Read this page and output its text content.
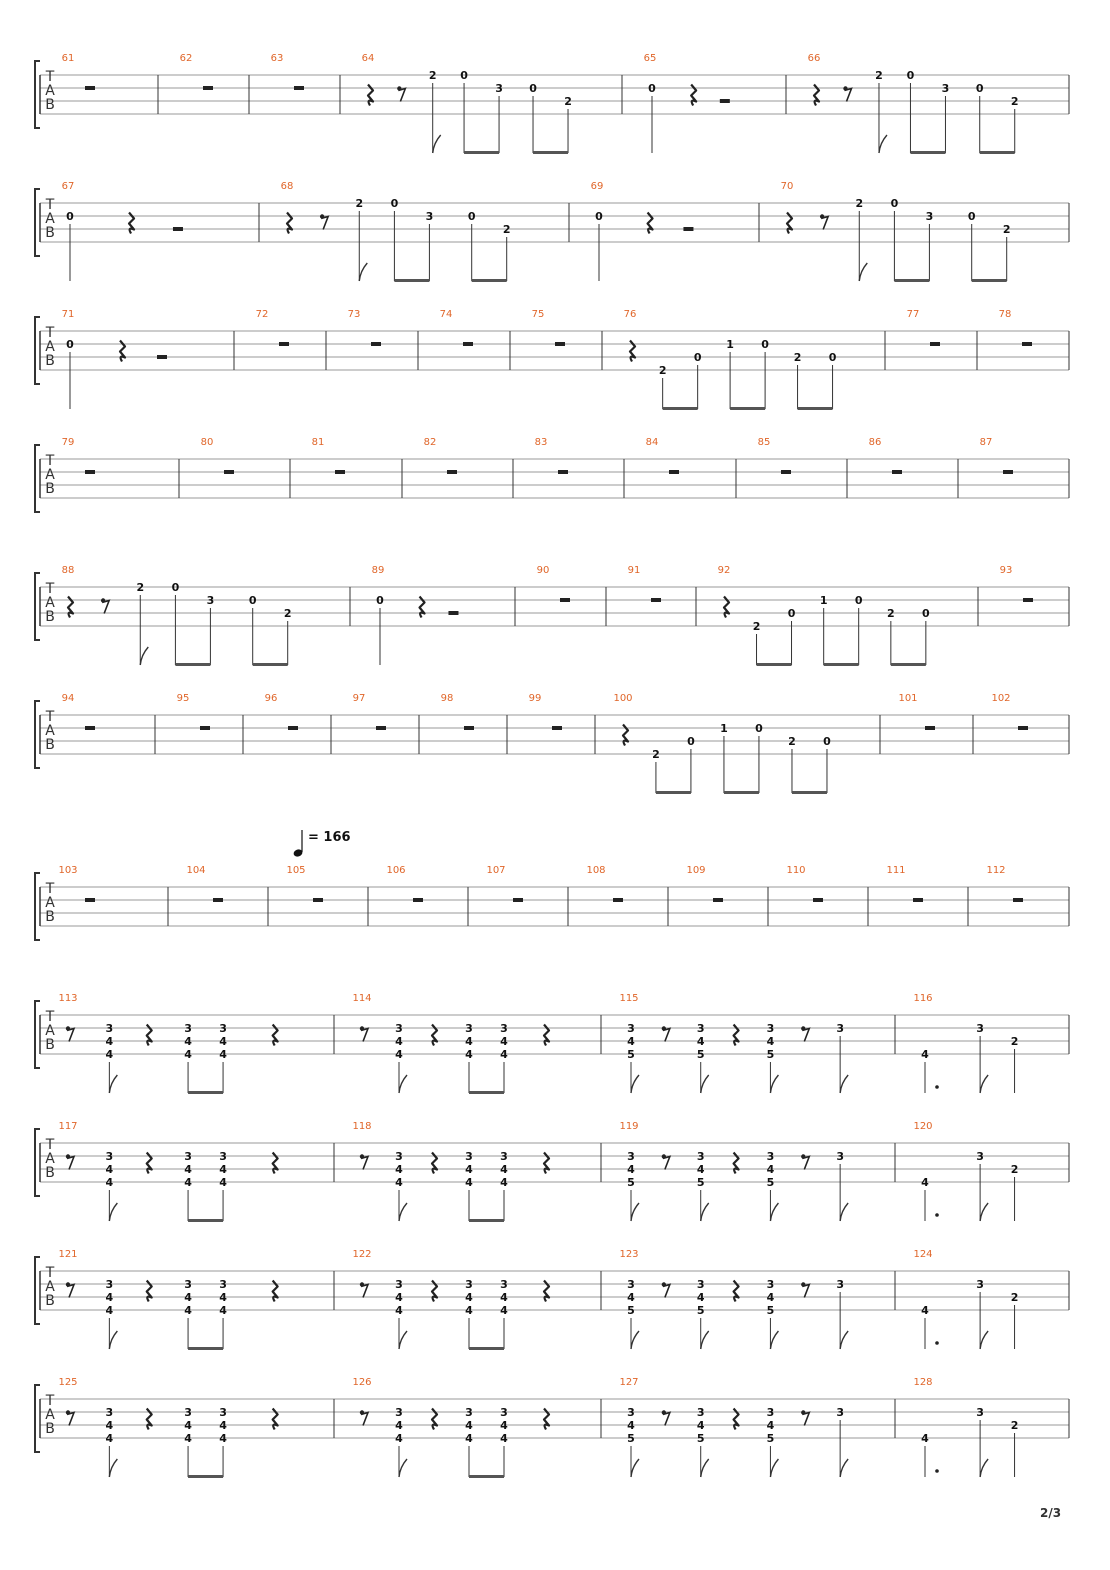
T
A
B
61	62	63	64
2 0
3 0
2
65
0
66
2 0
3 0
2
T
A
B
67
0
68
2 0
3	0
2
69
0
70
2 0
3	0
2
T
A
B
71
0
72	73	74	75	76
2
0
1 0
2 0
77	78
T
A
B
79	80	81	82	83	84	85	86	87
T
A
B
88
2 0
3	0
2
89
0
90	91	92
2
0
1 0
2 0
93
T
A
B
94	95	96	97	98	99	100
2
0
1 0
2 0
101	102
T
A
B
103	104	105	106	107	108	109	110	111	112
= 166
T
A
B
113
3
4
4
3
4
4
3
4
4
114
3
4
4
3
4
4
3
4
4
115
3
4
5
3
4
5
3
4
5
3
116
4
3
2
T
A
B
117
3
4
4
3
4
4
3
4
4
118
3
4
4
3
4
4
3
4
4
119
3
4
5
3
4
5
3
4
5
3
120
4
3
2
T
A
B
121
3
4
4
3
4
4
3
4
4
122
3
4
4
3
4
4
3
4
4
123
3
4
5
3
4
5
3
4
5
3
124
4
3
2
T
A
B
125
3
4
4
3
4
4
3
4
4
126
3
4
4
3
4
4
3
4
4
127
3
4
5
3
4
5
3
4
5
3
128
4
3
2
2/3
